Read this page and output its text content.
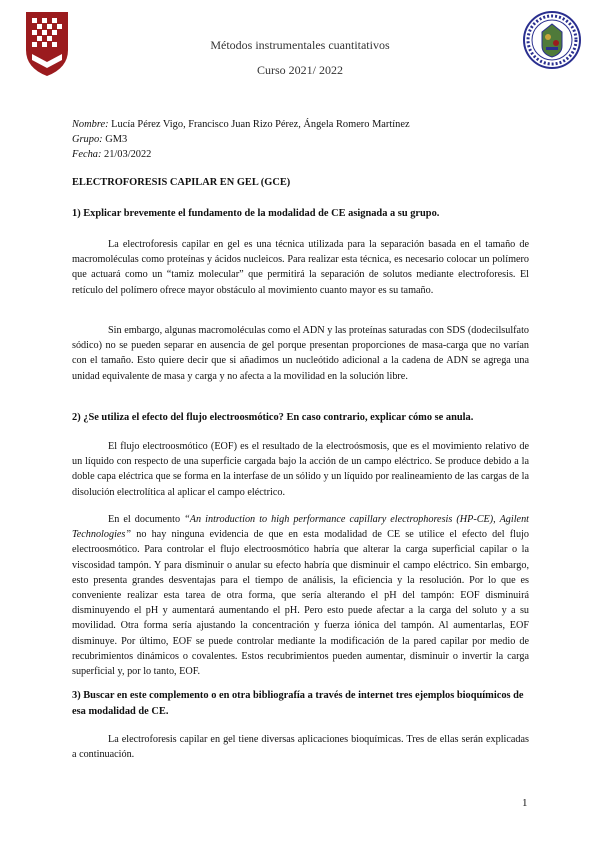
Métodos instrumentales cuantitativos
Curso 2021/ 2022
Nombre: Lucía Pérez Vigo, Francisco Juan Rizo Pérez, Ángela Romero Martínez
Grupo: GM3
Fecha: 21/03/2022
ELECTROFORESIS CAPILAR EN GEL (GCE)
1) Explicar brevemente el fundamento de la modalidad de CE asignada a su grupo.

La electroforesis capilar en gel es una técnica utilizada para la separación basada en el tamaño de macromoléculas como proteínas y ácidos nucleicos. Para realizar esta técnica, es necesario colocar un polímero que actuará como un “tamiz molecular” que permitirá la separación de solutos mediante electroforesis. El retículo del polímero ofrece mayor obstáculo al movimiento cuanto mayor es su tamaño.

Sin embargo, algunas macromoléculas como el ADN y las proteínas saturadas con SDS (dodecilsulfato sódico) no se pueden separar en ausencia de gel porque presentan proporciones de masa-carga que no varían con el tamaño. Esto quiere decir que si añadimos un nucleótido adicional a la cadena de ADN se agrega una unidad equivalente de masa y carga y no afecta a la movilidad en la solución libre.

2) ¿Se utiliza el efecto del flujo electroosmótico? En caso contrario, explicar cómo se anula.

El flujo electroosmótico (EOF) es el resultado de la electroósmosis, que es el movimiento relativo de un líquido con respecto de una superficie cargada bajo la acción de un campo eléctrico. Se produce debido a la doble capa eléctrica que se forma en la interfase de un sólido y un líquido por realineamiento de las cargas de la disolución electrolítica al aplicar el campo eléctrico.

En el documento “An introduction to high performance capillary electrophoresis (HP-CE), Agilent Technologies” no hay ninguna evidencia de que en esta modalidad de CE se utilice el efecto del flujo electroosmótico. Para controlar el flujo electroosmótico habría que alterar la carga superficial capilar o la viscosidad tampón. Y para disminuir o anular su efecto habría que disminuir el campo eléctrico. Sin embargo, esto presenta grandes desventajas para el tiempo de análisis, la eficiencia y la resolución. Por lo que es conveniente realizar esta tarea de otra forma, que sería alterando el pH del tampón: EOF disminuirá disminuyendo el pH y aumentará aumentando el pH. Pero esto puede afectar a la carga del soluto y a su movilidad. Otra forma sería ajustando la concentración y fuerza iónica del tampón. Al aumentarlas, EOF disminuye. Por último, EOF se puede controlar mediante la modificación de la pared capilar por medio de recubrimientos dinámicos o covalentes. Estos recubrimientos pueden aumentar, disminuir o invertir la carga superficial y, por lo tanto, EOF.

3) Buscar en este complemento o en otra bibliografía a través de internet tres ejemplos bioquímicos de esa modalidad de CE.

La electroforesis capilar en gel tiene diversas aplicaciones bioquímicas. Tres de ellas serán explicadas a continuación.

1
